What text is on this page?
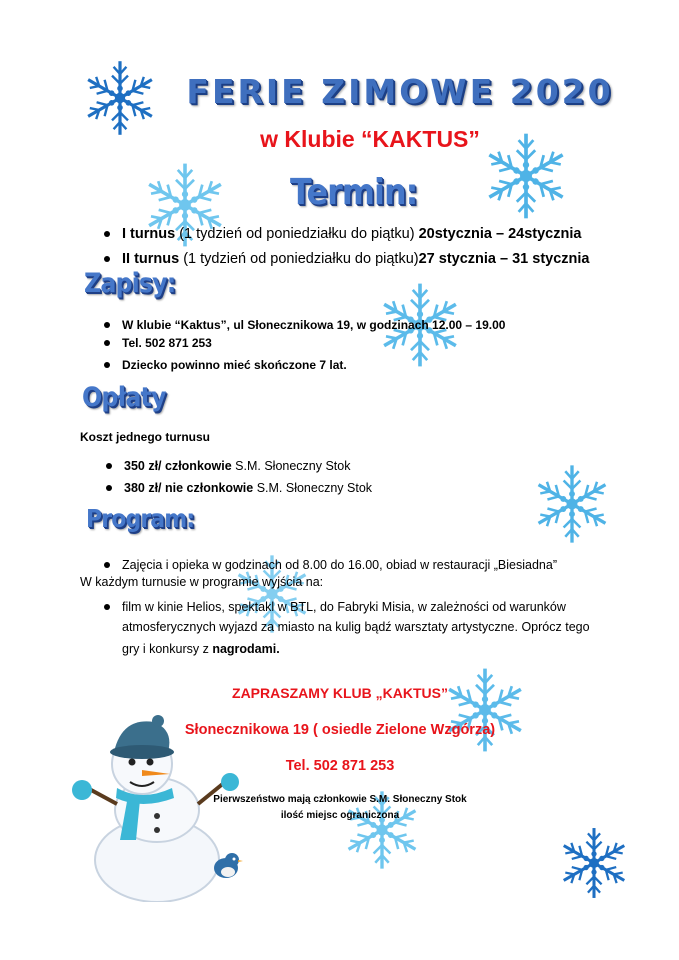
FERIE ZIMOWE 2020
w Klubie “KAKTUS”
Termin:
I turnus (1 tydzień od poniedziałku do piątku) 20stycznia – 24stycznia
II turnus (1 tydzień od poniedziałku do piątku)27 stycznia – 31 stycznia
Zapisy:
W klubie “Kaktus”, ul Słonecznikowa 19, w godzinach 12.00 – 19.00
Tel. 502 871 253
Dziecko powinno mieć skończone 7 lat.
Opłaty
Koszt jednego turnusu
350 zł/ członkowie S.M. Słoneczny Stok
380 zł/ nie członkowie S.M. Słoneczny Stok
Program:
Zajęcia i opieka w godzinach od 8.00 do 16.00, obiad w restauracji „Biesiadna”
W każdym turnusie w programie wyjścia na:
film w kinie Helios, spektakl w BTL, do Fabryki Misia, w zależności od warunków
atmosferycznych wyjazd za miasto na kulig bądź warsztaty artystyczne. Oprócz tego
gry i konkursy z nagrodami.
ZAPRASZAMY KLUB „KAKTUS”
Słonecznikowa 19 ( osiedle Zielone Wzgórza)
Tel. 502 871 253
Pierwszeństwo mają członkowie S.M. Słoneczny Stok
ilość miejsc ograniczona
